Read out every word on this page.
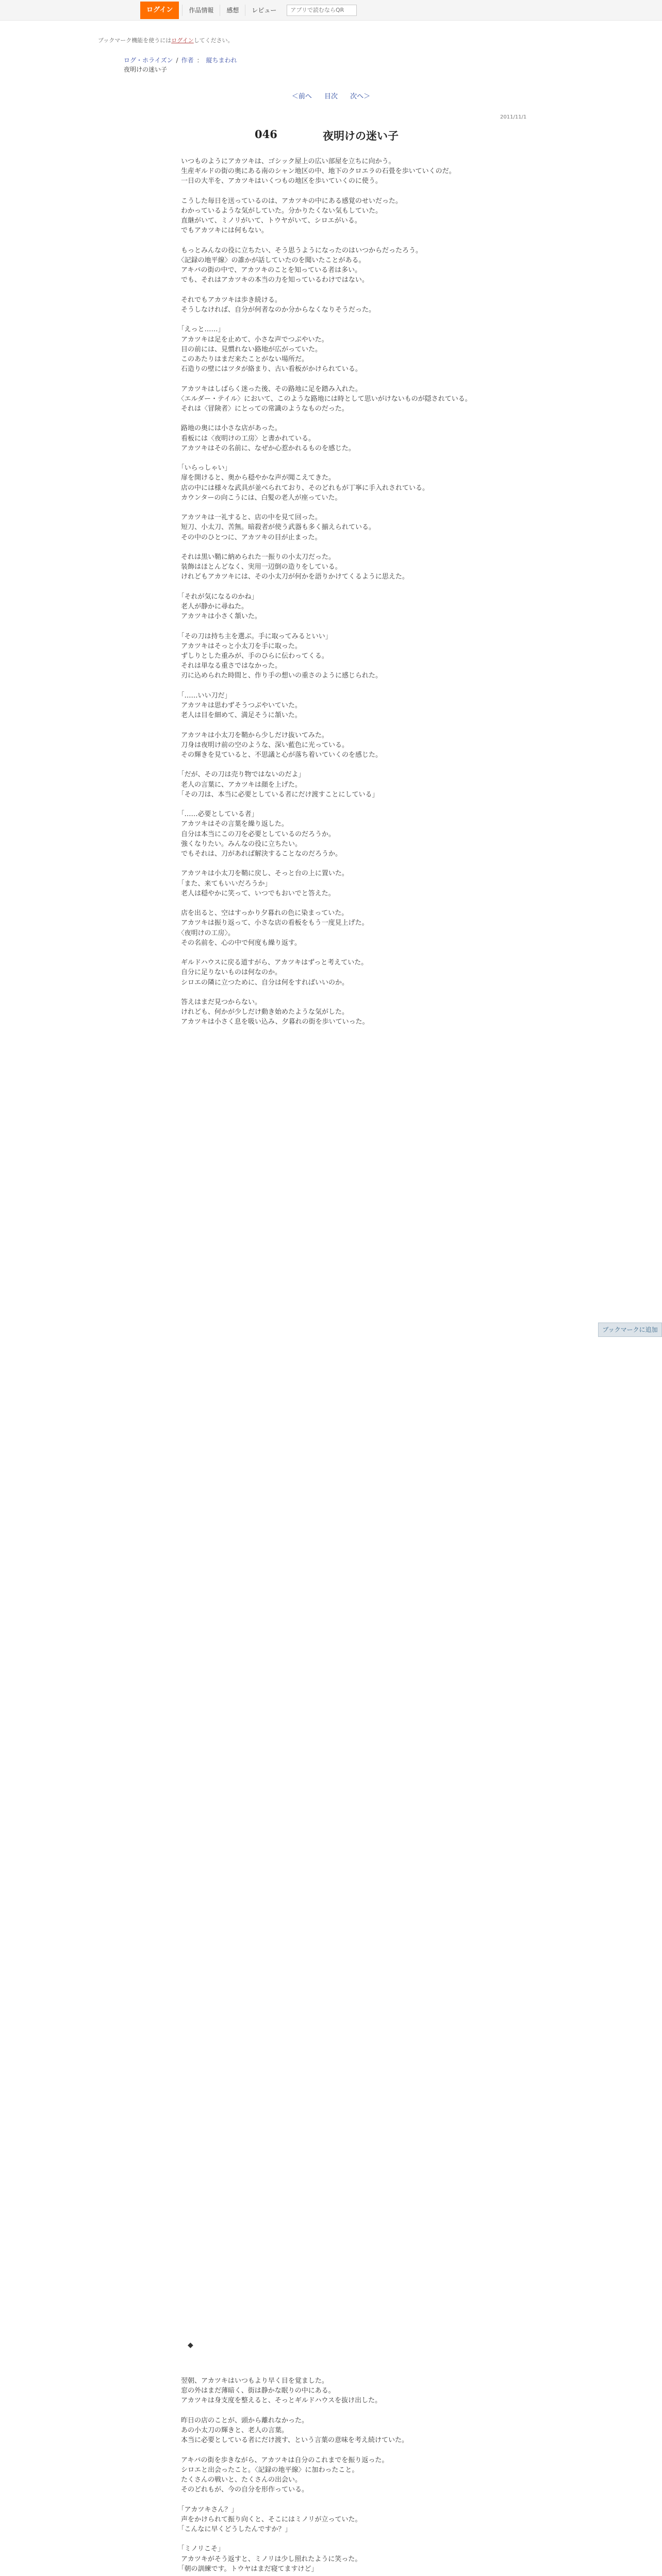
ログイン	作品情報	感想	レビュー
アプリで読むならQR
ブックマーク機能を使うにはログインしてください。
ログ・ホライズン / 作者 ： 縦ちまわれ
夜明けの迷い子
＜前へ 目次 次へ＞
2011/11/1
046	夜明けの迷い子

　いつものようにアカツキは、ゴシック屋上の広い部屋を立ちに向かう。

　生産ギルドの街の奥にある南のシャン地区の中、地下のクロエラの石畳を歩いていくのだ。

　一日の大半を、アカツキはいくつもの地区を歩いていくのに使う。

　こうした毎日を送っているのは、アカツキの中にある感覚のせいだった。

　わかっているような気がしていた。分かりたくない気もしていた。

　直継がいて、ミノリがいて、トウヤがいて、シロエがいる。

　でもアカツキには何もない。

　もっとみんなの役に立ちたい、そう思うようになったのはいつからだったろう。

　〈記録の地平線〉の誰かが話していたのを聞いたことがある。

　アキバの街の中で、アカツキのことを知っている者は多い。

　でも、それはアカツキの本当の力を知っているわけではない。

　それでもアカツキは歩き続ける。

　そうしなければ、自分が何者なのか分からなくなりそうだった。

　「えっと……」

　アカツキは足を止めて、小さな声でつぶやいた。

　目の前には、見慣れない路地が広がっていた。

　このあたりはまだ来たことがない場所だ。

　石造りの壁にはツタが絡まり、古い看板がかけられている。

　アカツキはしばらく迷った後、その路地に足を踏み入れた。

　〈エルダー・テイル〉において、このような路地には時として思いがけないものが隠されている。

　それは〈冒険者〉にとっての常識のようなものだった。

　路地の奥には小さな店があった。

　看板には〈夜明けの工房〉と書かれている。

　アカツキはその名前に、なぜか心惹かれるものを感じた。

　「いらっしゃい」

　扉を開けると、奥から穏やかな声が聞こえてきた。

　店の中には様々な武具が並べられており、そのどれもが丁寧に手入れされている。

　カウンターの向こうには、白髪の老人が座っていた。

　アカツキは一礼すると、店の中を見て回った。

　短刀、小太刀、苦無。暗殺者が使う武器も多く揃えられている。

　その中のひとつに、アカツキの目が止まった。

　それは黒い鞘に納められた一振りの小太刀だった。

　装飾はほとんどなく、実用一辺倒の造りをしている。

　けれどもアカツキには、その小太刀が何かを語りかけてくるように思えた。

　「それが気になるのかね」

　老人が静かに尋ねた。

　アカツキは小さく頷いた。

　「その刀は持ち主を選ぶ。手に取ってみるといい」

　アカツキはそっと小太刀を手に取った。

　ずしりとした重みが、手のひらに伝わってくる。

　それは単なる重さではなかった。

　刃に込められた時間と、作り手の想いの重さのように感じられた。

　「……いい刀だ」

　アカツキは思わずそうつぶやいていた。

　老人は目を細めて、満足そうに頷いた。

　アカツキは小太刀を鞘から少しだけ抜いてみた。

　刀身は夜明け前の空のような、深い藍色に光っている。

　その輝きを見ていると、不思議と心が落ち着いていくのを感じた。

　「だが、その刀は売り物ではないのだよ」

　老人の言葉に、アカツキは顔を上げた。

　「その刀は、本当に必要としている者にだけ渡すことにしている」

　「……必要としている者」

　アカツキはその言葉を繰り返した。

　自分は本当にこの刀を必要としているのだろうか。

　強くなりたい。みんなの役に立ちたい。

　でもそれは、刀があれば解決することなのだろうか。

　アカツキは小太刀を鞘に戻し、そっと台の上に置いた。

　「また、来てもいいだろうか」

　老人は穏やかに笑って、いつでもおいでと答えた。

　店を出ると、空はすっかり夕暮れの色に染まっていた。

　アカツキは振り返って、小さな店の看板をもう一度見上げた。

　〈夜明けの工房〉。

　その名前を、心の中で何度も繰り返す。

　ギルドハウスに戻る道すがら、アカツキはずっと考えていた。

　自分に足りないものは何なのか。

　シロエの隣に立つために、自分は何をすればいいのか。

　答えはまだ見つからない。

　けれども、何かが少しだけ動き始めたような気がした。

　アカツキは小さく息を吸い込み、夕暮れの街を歩いていった。

◆

　翌朝、アカツキはいつもより早く目を覚ました。

　窓の外はまだ薄暗く、街は静かな眠りの中にある。

　アカツキは身支度を整えると、そっとギルドハウスを抜け出した。

　昨日の店のことが、頭から離れなかった。

　あの小太刀の輝きと、老人の言葉。

　本当に必要としている者にだけ渡す、という言葉の意味を考え続けていた。

　アキバの街を歩きながら、アカツキは自分のこれまでを振り返った。

　シロエと出会ったこと。〈記録の地平線〉に加わったこと。

　たくさんの戦いと、たくさんの出会い。

　そのどれもが、今の自分を形作っている。

　「アカツキさん？」

　声をかけられて振り向くと、そこにはミノリが立っていた。

　「こんなに早くどうしたんですか？」

　「ミノリこそ」

　アカツキがそう返すと、ミノリは少し照れたように笑った。

　「朝の訓練です。トウヤはまだ寝てますけど」

ブックマークに追加
